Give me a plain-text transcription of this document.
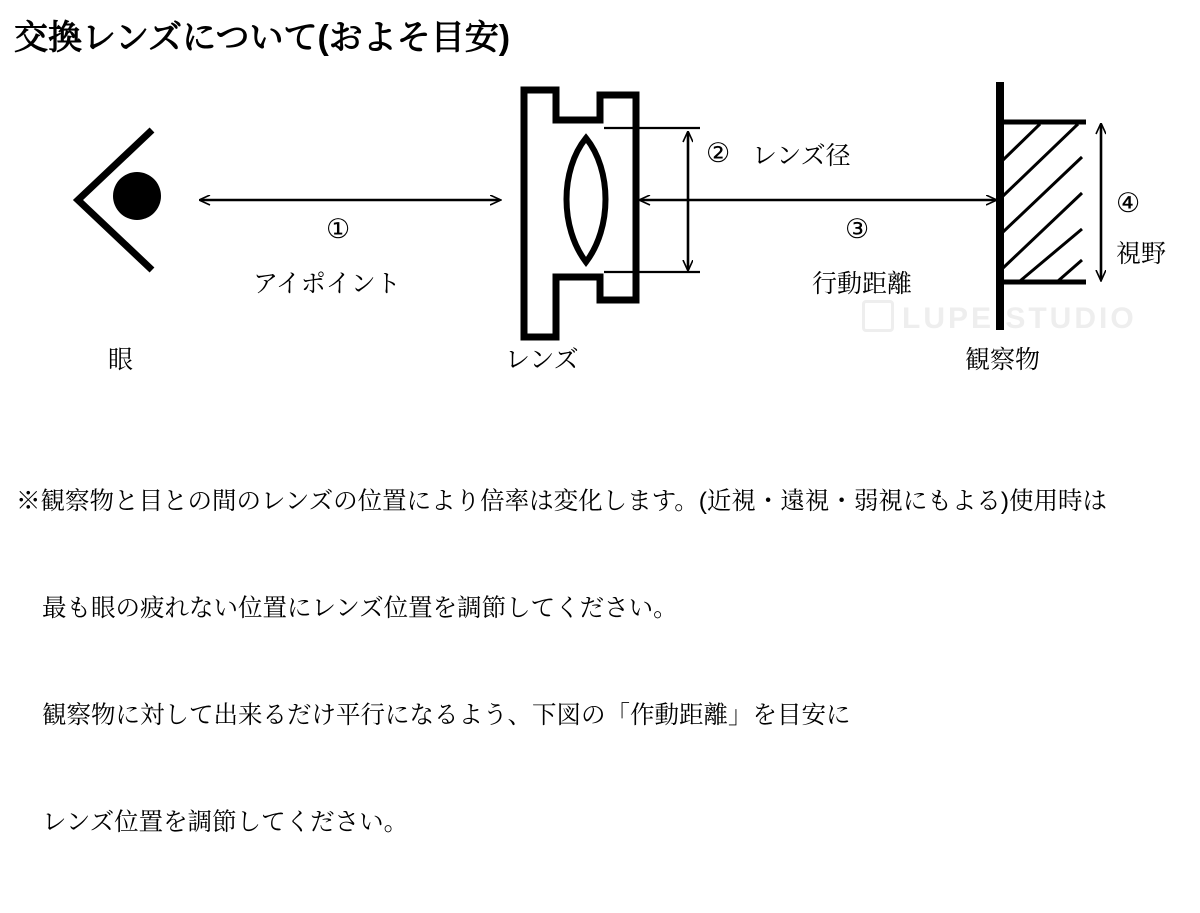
交換レンズについて(およそ目安)
LUPE STUDIO
①
アイポイント
② レンズ径
③
行動距離
④
視野
眼	レンズ	観察物

※観察物と目との間のレンズの位置により倍率は変化します。(近視・遠視・弱視にもよる)使用時は

最も眼の疲れない位置にレンズ位置を調節してください。

観察物に対して出来るだけ平行になるよう、下図の「作動距離」を目安に

レンズ位置を調節してください。
